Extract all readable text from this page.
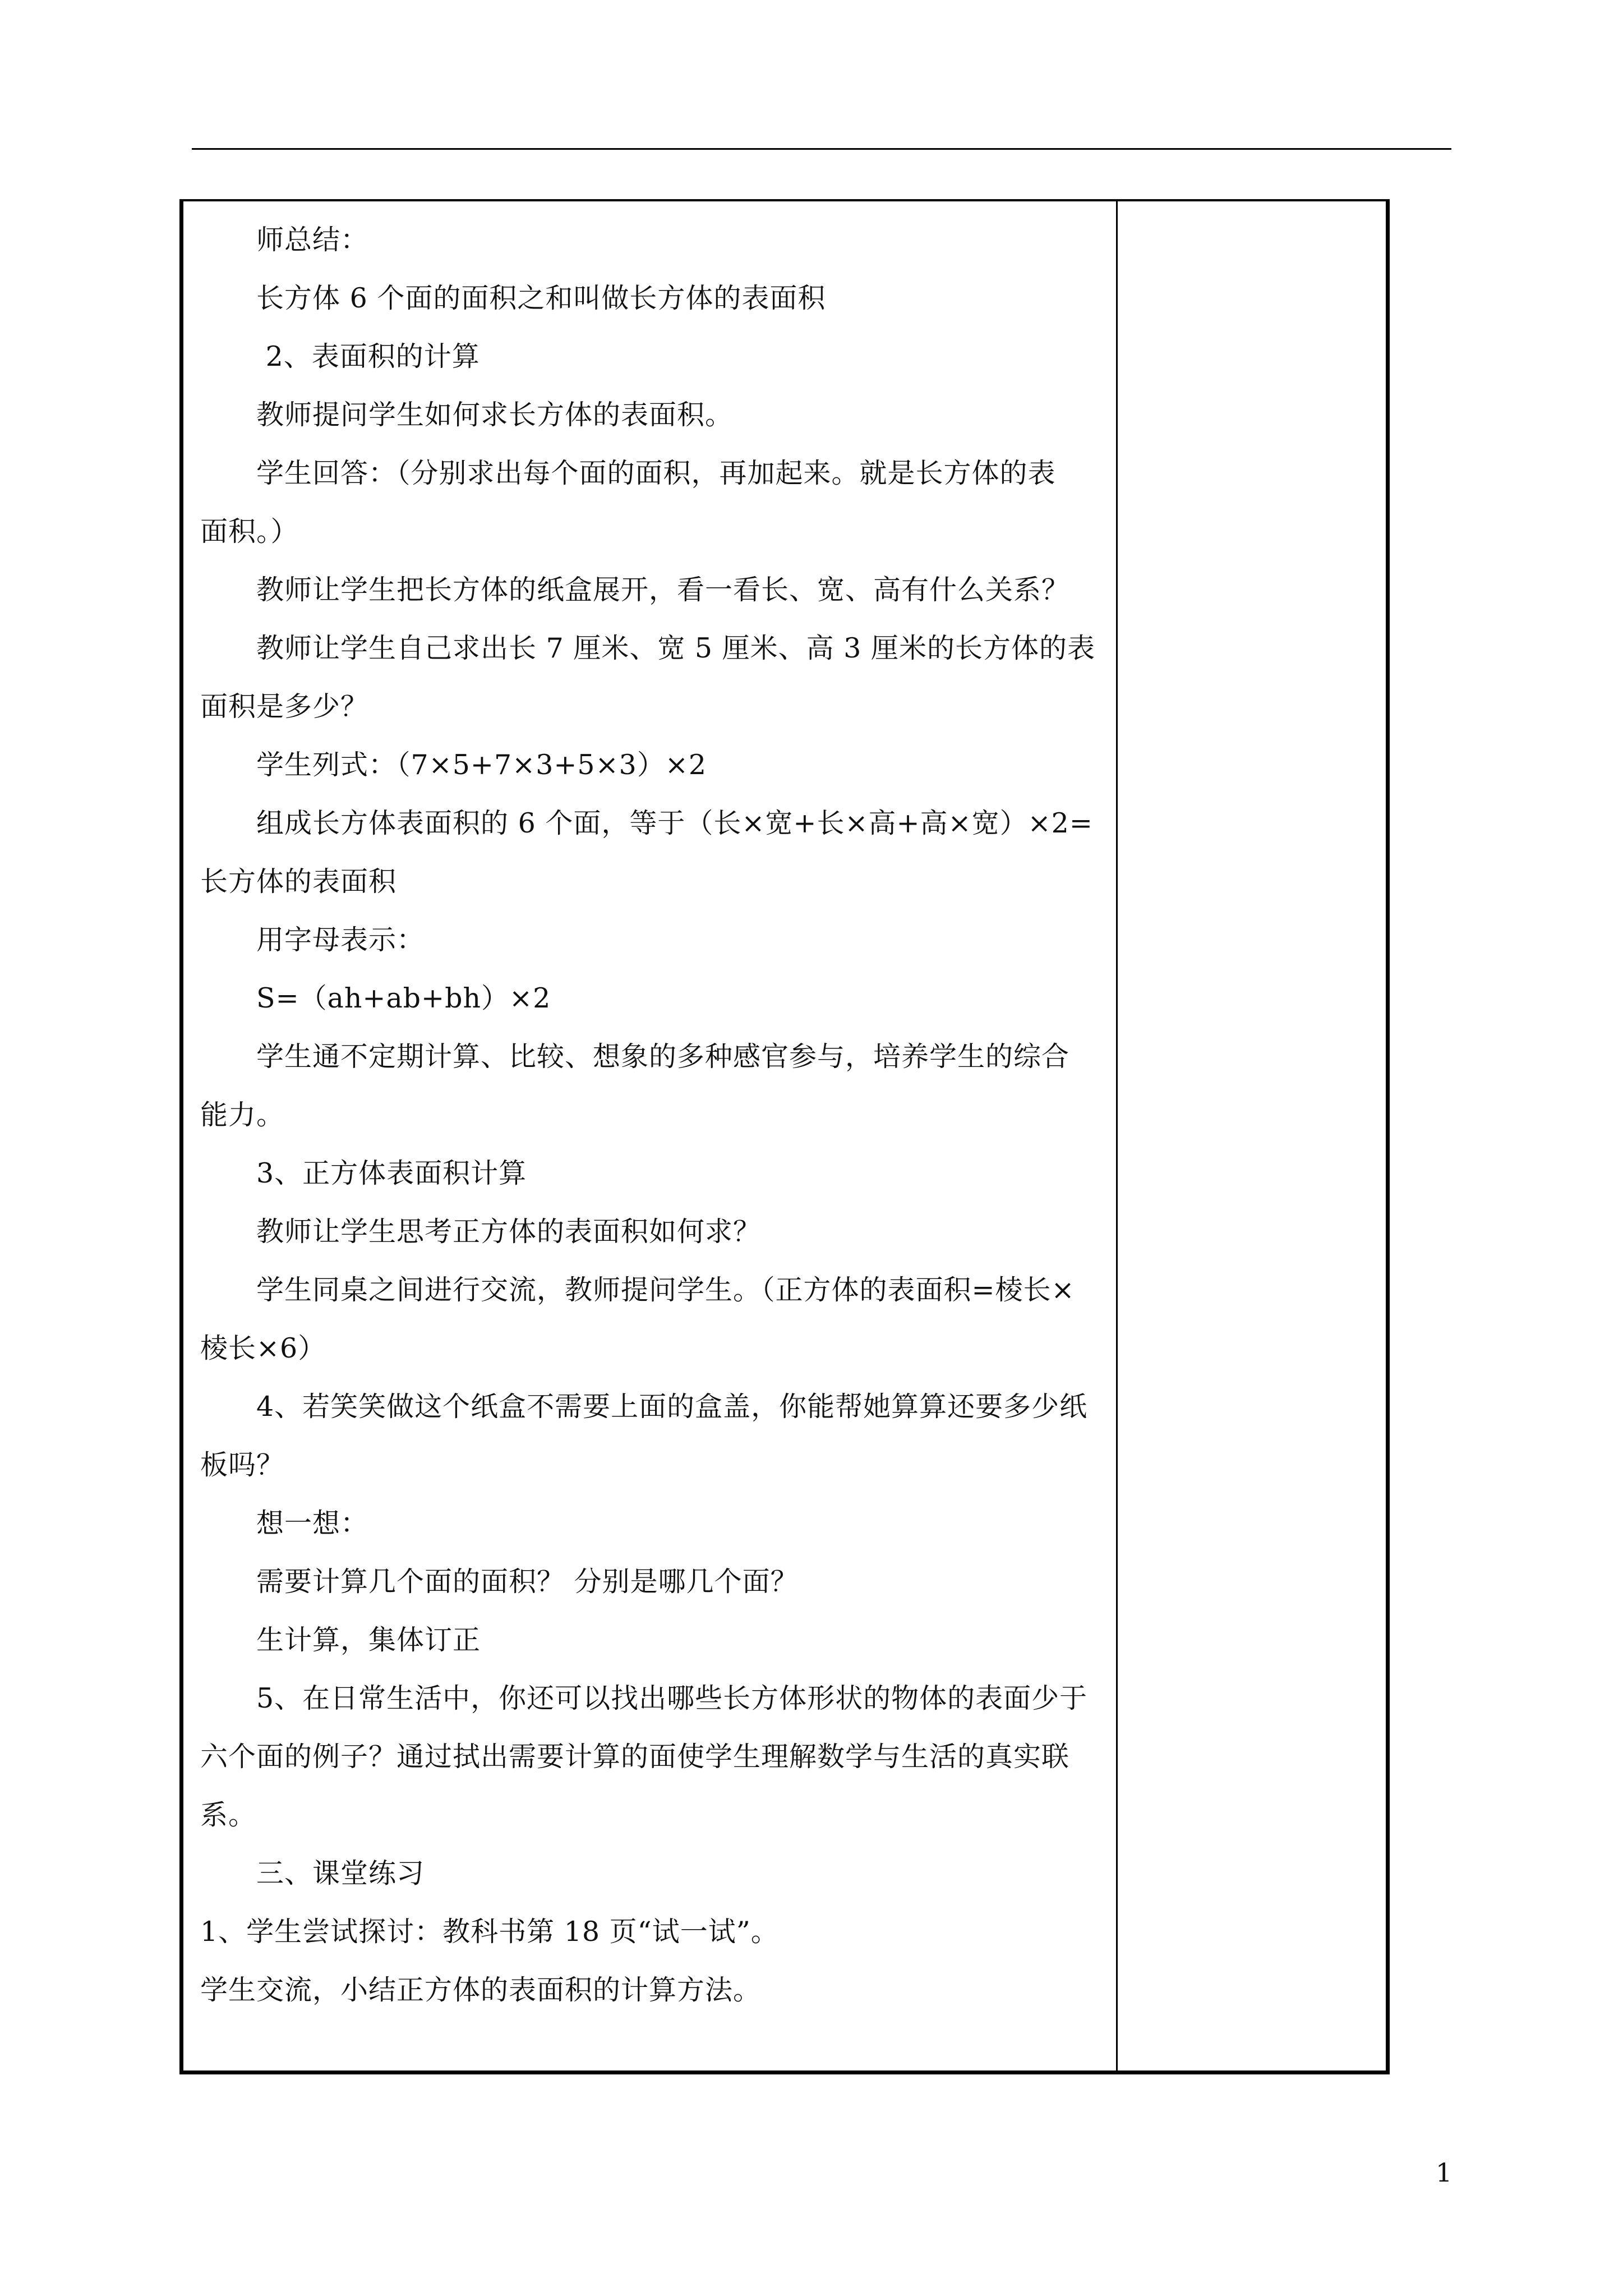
　　师总结：

　　长方体 6 个面的面积之和叫做长方体的表面积

　　 2、表面积的计算

　　教师提问学生如何求长方体的表面积。

　　学生回答：（分别求出每个面的面积，再加起来。就是长方体的表

面积。）

　　教师让学生把长方体的纸盒展开，看一看长、宽、高有什么关系？

　　教师让学生自己求出长 7 厘米、宽 5 厘米、高 3 厘米的长方体的表

面积是多少？

　　学生列式：（7×5+7×3+5×3）×2

　　组成长方体表面积的 6 个面，等于（长×宽+长×高+高×宽）×2=

长方体的表面积

　　用字母表示：

　　S=（ah+ab+bh）×2

　　学生通不定期计算、比较、想象的多种感官参与，培养学生的综合

能力。

　　3、正方体表面积计算

　　教师让学生思考正方体的表面积如何求？

　　学生同桌之间进行交流，教师提问学生。（正方体的表面积=棱长×

棱长×6）

　　4、若笑笑做这个纸盒不需要上面的盒盖，你能帮她算算还要多少纸

板吗？

　　想一想：

　　需要计算几个面的面积？ 分别是哪几个面？

　　生计算，集体订正

　　5、在日常生活中，你还可以找出哪些长方体形状的物体的表面少于

六个面的例子？通过拭出需要计算的面使学生理解数学与生活的真实联

系。

　　三、课堂练习

1、学生尝试探讨：教科书第 18 页“试一试”。

学生交流，小结正方体的表面积的计算方法。

1
